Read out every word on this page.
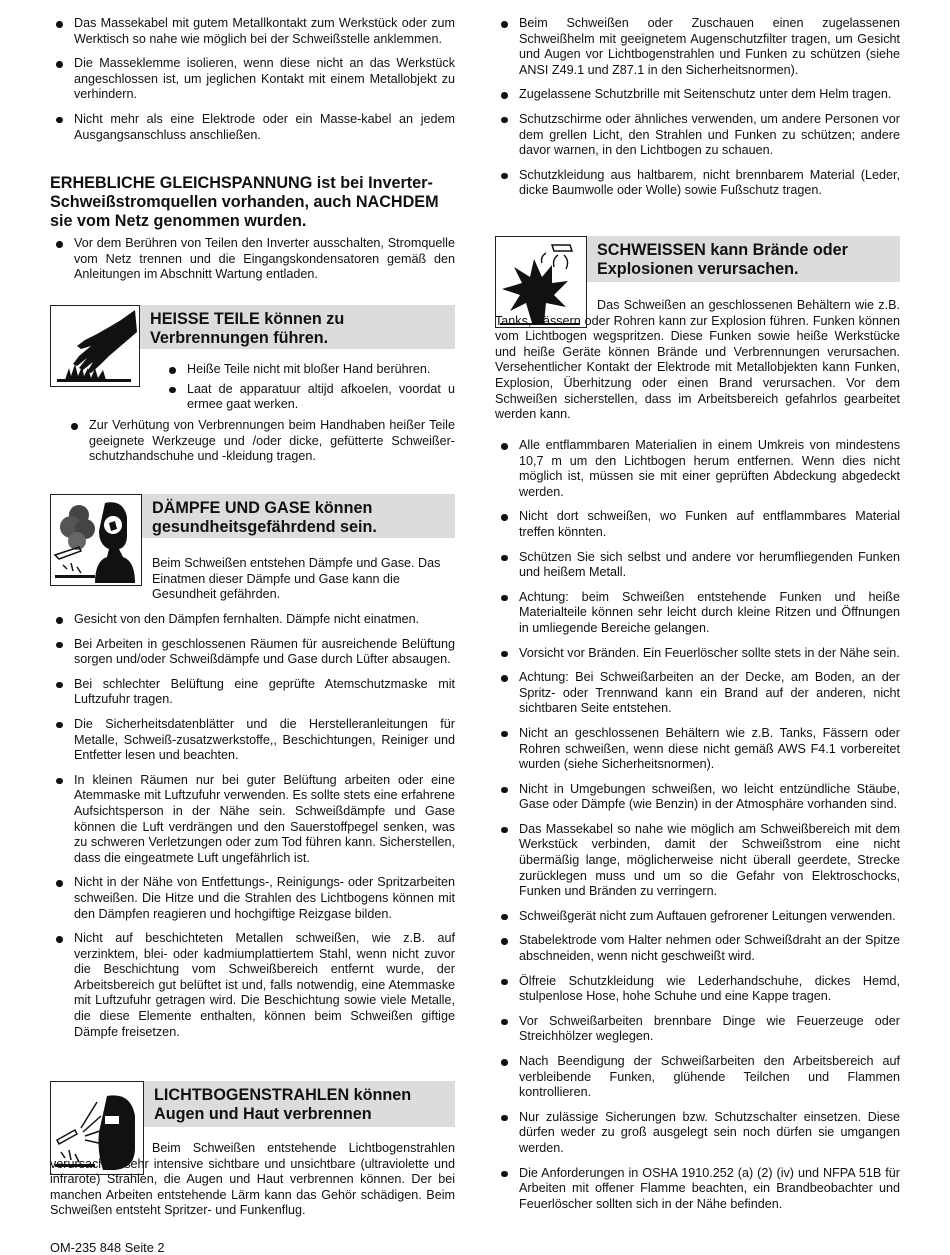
Das Massekabel mit gutem Metallkontakt zum Werkstück oder zum Werktisch so nahe wie möglich bei der Schweißstelle anklemmen.
Die Masseklemme isolieren, wenn diese nicht an das Werkstück angeschlossen ist, um jeglichen Kontakt mit einem Metallobjekt zu verhindern.
Nicht mehr als eine Elektrode oder ein Masse-kabel an jedem Ausgangsanschluss anschließen.

ERHEBLICHE GLEICHSPANNUNG ist bei Inverter-Schweißstromquellen vorhanden, auch NACHDEM sie vom Netz genommen wurden.

Vor dem Berühren von Teilen den Inverter ausschalten, Stromquelle vom Netz trennen und die Eingangskondensatoren gemäß den Anleitungen im Abschnitt Wartung entladen.
HEISSE TEILE können zu Verbrennungen führen.
Heiße Teile nicht mit bloßer Hand berühren.
Laat de apparatuur altijd afkoelen, voordat u ermee gaat werken.
Zur Verhütung von Verbrennungen beim Handhaben heißer Teile geeignete Werkzeuge und /oder dicke, gefütterte Schweißer-schutzhandschuhe und -kleidung tragen.
DÄMPFE UND GASE können gesundheitsgefährdend sein.
Beim Schweißen entstehen Dämpfe und Gase. Das Einatmen dieser Dämpfe und Gase kann die Gesundheit gefährden.
Gesicht von den Dämpfen fernhalten. Dämpfe nicht einatmen.
Bei Arbeiten in geschlossenen Räumen für ausreichende Belüftung sorgen und/oder Schweißdämpfe und Gase durch Lüfter absaugen.
Bei schlechter Belüftung eine geprüfte Atemschutzmaske mit Luftzufuhr tragen.
Die Sicherheitsdatenblätter und die Herstelleranleitungen für Metalle, Schweiß-zusatzwerkstoffe,, Beschichtungen, Reiniger und Entfetter lesen und beachten.
In kleinen Räumen nur bei guter Belüftung arbeiten oder eine Atemmaske mit Luftzufuhr verwenden. Es sollte stets eine erfahrene Aufsichtsperson in der Nähe sein. Schweißdämpfe und Gase können die Luft verdrängen und den Sauerstoffpegel senken, was zu schweren Verletzungen oder zum Tod führen kann. Sicherstellen, dass die eingeatmete Luft ungefährlich ist.
Nicht in der Nähe von Entfettungs-, Reinigungs- oder Spritzarbeiten schweißen. Die Hitze und die Strahlen des Lichtbogens können mit den Dämpfen reagieren und hochgiftige Reizgase bilden.
Nicht auf beschichteten Metallen schweißen, wie z.B. auf verzinktem, blei- oder kadmiumplattiertem Stahl, wenn nicht zuvor die Beschichtung vom Schweißbereich entfernt wurde, der Arbeitsbereich gut belüftet ist und, falls notwendig, eine Atemmaske mit Luftzufuhr getragen wird. Die Beschichtung sowie viele Metalle, die diese Elemente enthalten, können beim Schweißen giftige Dämpfe freisetzen.
LICHTBOGENSTRAHLEN können Augen und Haut verbrennen
Beim Schweißen entstehende Lichtbogenstrahlen verursachen sehr intensive sichtbare und unsichtbare (ultraviolette und infrarote) Strahlen, die Augen und Haut verbrennen können. Der bei manchen Arbeiten entstehende Lärm kann das Gehör schädigen. Beim Schweißen entsteht Spritzer- und Funkenflug.
Beim Schweißen oder Zuschauen einen zugelassenen Schweißhelm mit geeignetem Augenschutzfilter tragen, um Gesicht und Augen vor Lichtbogenstrahlen und Funken zu schützen (siehe ANSI Z49.1 und Z87.1 in den Sicherheitsnormen).
Zugelassene Schutzbrille mit Seitenschutz unter dem Helm tragen.
Schutzschirme oder ähnliches verwenden, um andere Personen vor dem grellen Licht, den Strahlen und Funken zu schützen; andere davor warnen, in den Lichtbogen zu schauen.
Schutzkleidung aus haltbarem, nicht brennbarem Material (Leder, dicke Baumwolle oder Wolle) sowie Fußschutz tragen.
SCHWEISSEN kann Brände oder Explosionen verursachen.
Das Schweißen an geschlossenen Behältern wie z.B. Tanks, Fässern oder Rohren kann zur Explosion führen. Funken können vom Lichtbogen wegspritzen. Diese Funken sowie heiße Werkstücke und heiße Geräte können Brände und Verbrennungen verursachen. Versehentlicher Kontakt der Elektrode mit Metallobjekten kann Funken, Explosion, Überhitzung oder einen Brand verursachen. Vor dem Schweißen sicherstellen, dass im Arbeitsbereich gefahrlos gearbeitet werden kann.
Alle entflammbaren Materialien in einem Umkreis von mindestens 10,7 m um den Lichtbogen herum entfernen. Wenn dies nicht möglich ist, müssen sie mit einer geprüften Abdeckung abgedeckt werden.
Nicht dort schweißen, wo Funken auf entflammbares Material treffen könnten.
Schützen Sie sich selbst und andere vor herumfliegenden Funken und heißem Metall.
Achtung: beim Schweißen entstehende Funken und heiße Materialteile können sehr leicht durch kleine Ritzen und Öffnungen in umliegende Bereiche gelangen.
Vorsicht vor Bränden. Ein Feuerlöscher sollte stets in der Nähe sein.
Achtung: Bei Schweißarbeiten an der Decke, am Boden, an der Spritz- oder Trennwand kann ein Brand auf der anderen, nicht sichtbaren Seite entstehen.
Nicht an geschlossenen Behältern wie z.B. Tanks, Fässern oder Rohren schweißen, wenn diese nicht gemäß AWS F4.1 vorbereitet wurden (siehe Sicherheitsnormen).
Nicht in Umgebungen schweißen, wo leicht entzündliche Stäube, Gase oder Dämpfe (wie Benzin) in der Atmosphäre vorhanden sind.
Das Massekabel so nahe wie möglich am Schweißbereich mit dem Werkstück verbinden, damit der Schweißstrom eine nicht übermäßig lange, möglicherweise nicht überall geerdete, Strecke zurücklegen muss und um so die Gefahr von Elektroschocks, Funken und Bränden zu verringern.
Schweißgerät nicht zum Auftauen gefrorener Leitungen verwenden.
Stabelektrode vom Halter nehmen oder Schweißdraht an der Spitze abschneiden, wenn nicht geschweißt wird.
Ölfreie Schutzkleidung wie Lederhandschuhe, dickes Hemd, stulpenlose Hose, hohe Schuhe und eine Kappe tragen.
Vor Schweißarbeiten brennbare Dinge wie Feuerzeuge oder Streichhölzer weglegen.
Nach Beendigung der Schweißarbeiten den Arbeitsbereich auf verbleibende Funken, glühende Teilchen und Flammen kontrollieren.
Nur zulässige Sicherungen bzw. Schutzschalter einsetzen. Diese dürfen weder zu groß ausgelegt sein noch dürfen sie umgangen werden.
Die Anforderungen in OSHA 1910.252 (a) (2) (iv) und NFPA 51B für Arbeiten mit offener Flamme beachten, ein Brandbeobachter und Feuerlöscher sollten sich in der Nähe befinden.
OM-235 848 Seite 2
